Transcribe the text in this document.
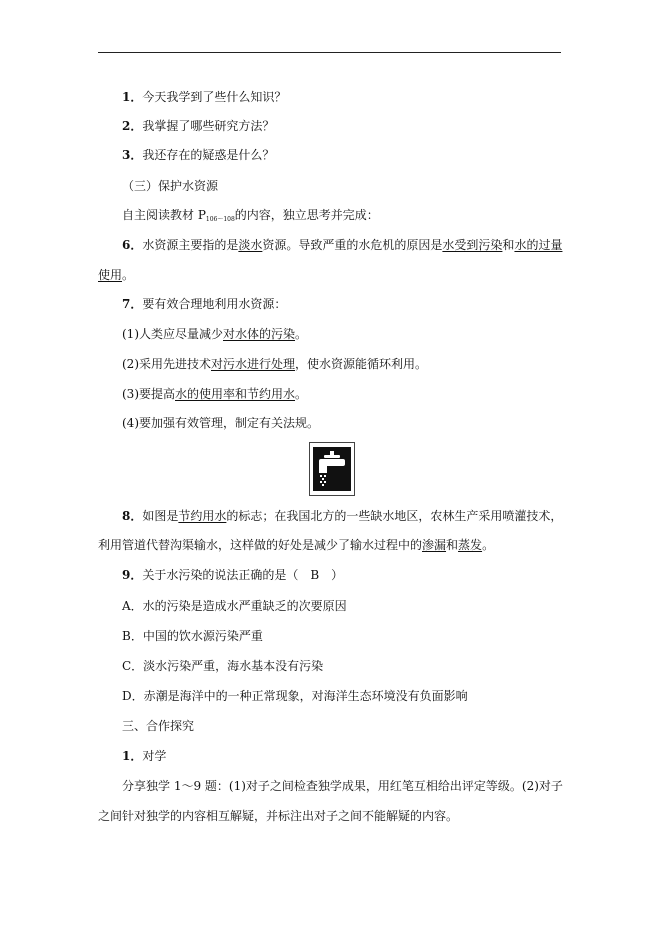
1．今天我学到了些什么知识？
2．我掌握了哪些研究方法？
3．我还存在的疑惑是什么？
（三）保护水资源
自主阅读教材 $P_{106\sim 108}$的内容，独立思考并完成：
6．水资源主要指的是淡水资源。导致严重的水危机的原因是水受到污染和水的过量
使用。
7．要有效合理地利用水资源：
(1)人类应尽量减少对水体的污染。
(2)采用先进技术对污水进行处理，使水资源能循环利用。
(3)要提高水的使用率和节约用水。
(4)要加强有效管理，制定有关法规。
8．如图是节约用水的标志；在我国北方的一些缺水地区，农林生产采用喷灌技术，
利用管道代替沟渠输水，这样做的好处是减少了输水过程中的渗漏和蒸发。
9．关于水污染的说法正确的是（　B　）
A．水的污染是造成水严重缺乏的次要原因
B．中国的饮水源污染严重
C．淡水污染严重，海水基本没有污染
D．赤潮是海洋中的一种正常现象，对海洋生态环境没有负面影响
三、合作探究
1．对学
分享独学 1～9 题：(1)对子之间检查独学成果，用红笔互相给出评定等级。(2)对子
之间针对独学的内容相互解疑，并标注出对子之间不能解疑的内容。
